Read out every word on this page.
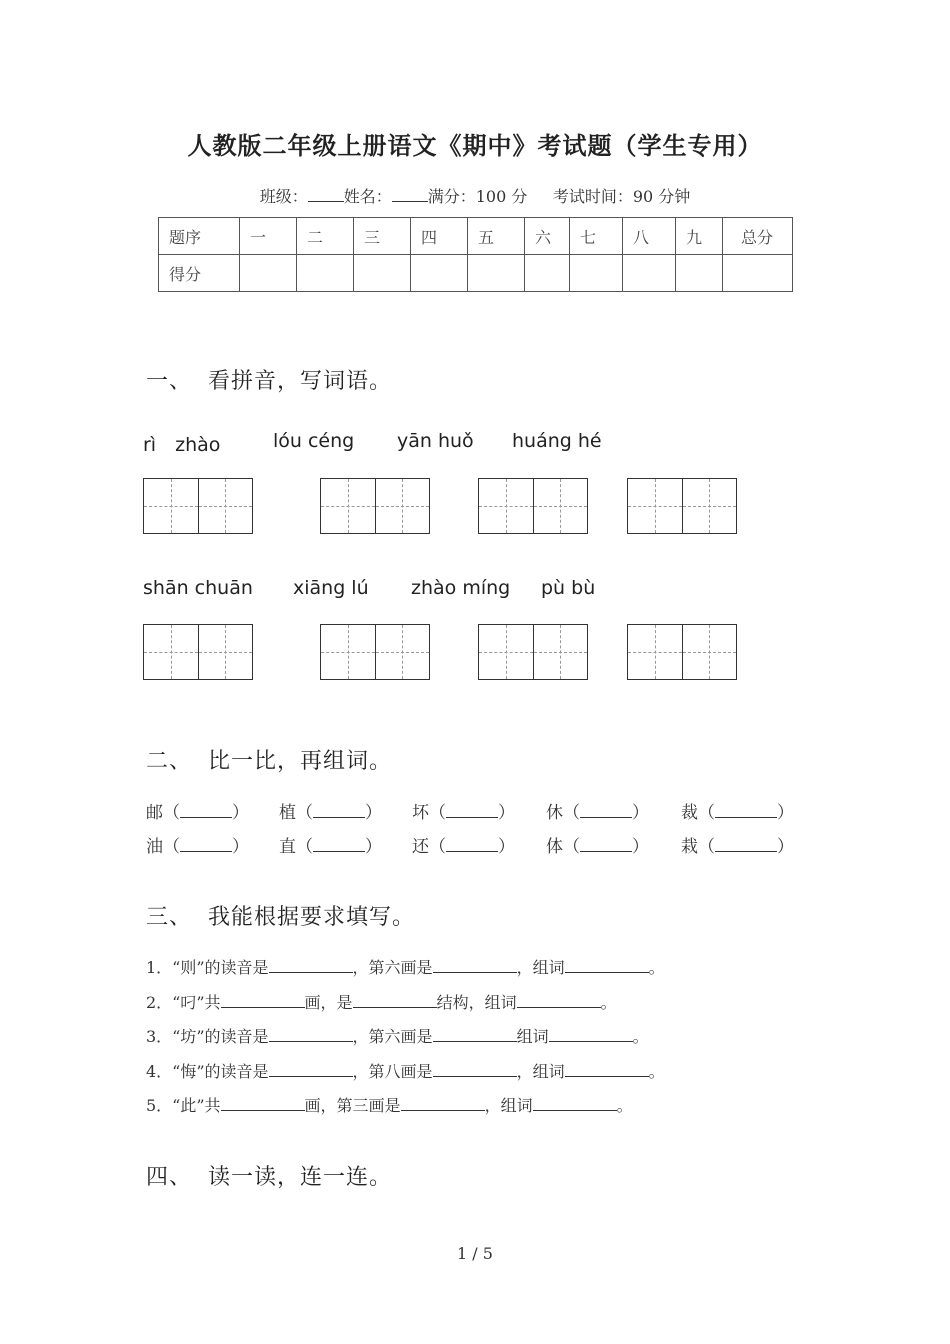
人教版二年级上册语文《期中》考试题（学生专用）
班级： 姓名： 满分：100 分 考试时间：90 分钟
题序	一	二	三	四	五	六	七	八	九	总分
得分										
一、 看拼音，写词语。
rì　zhào	lóu céng yān huǒ huáng hé
shān chuān xiāng lú zhào míng pù bù
二、 比一比，再组词。
邮（	） 植（	） 坏（	） 休（	） 裁（	）
油（	） 直（	） 还（	） 体（	） 栽（	）
三、 我能根据要求填写。
1．“则”的读音是	，第六画是	，组词	。
2．“叼”共	画，是	结构，组词	。
3．“坊”的读音是	，第六画是	组词	。
4．“悔”的读音是	，第八画是	，组词	。
5．“此”共	画，第三画是	，组词	。
四、 读一读，连一连。
1 / 5
